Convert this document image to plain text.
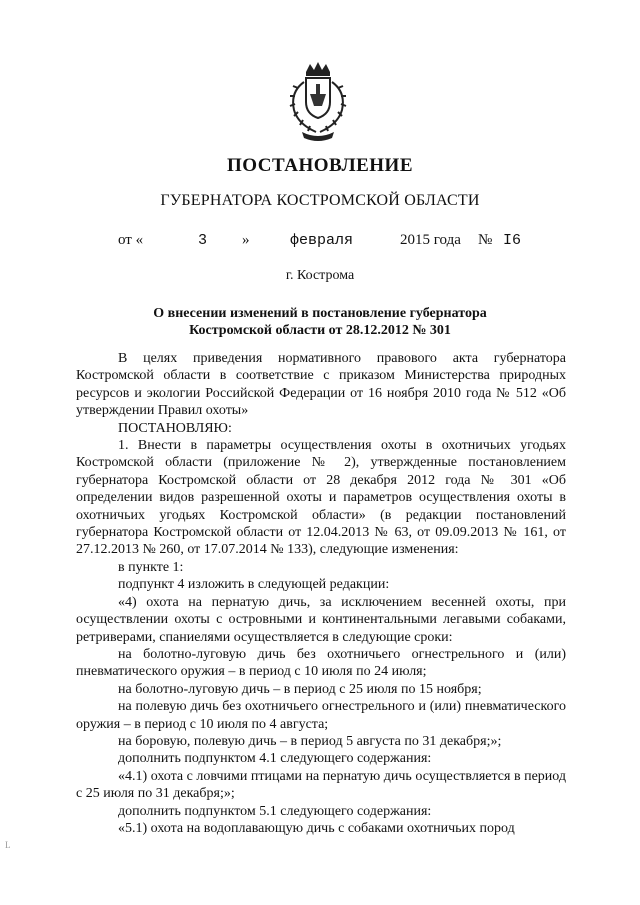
ПОСТАНОВЛЕНИЕ
ГУБЕРНАТОРА КОСТРОМСКОЙ ОБЛАСТИ
от «	3 »	февраля	2015 года № I6
г. Кострома
О внесении изменений в постановление губернатора
Костромской области от 28.12.2012 № 301

В целях приведения нормативного правового акта губернатора Костромской области в соответствие с приказом Министерства природных ресурсов и экологии Российской Федерации от 16 ноября 2010 года № 512 «Об утверждении Правил охоты»

ПОСТАНОВЛЯЮ:

1. Внести в параметры осуществления охоты в охотничьих угодьях Костромской области (приложение № 2), утвержденные постановлением губернатора Костромской области от 28 декабря 2012 года № 301 «Об определении видов разрешенной охоты и параметров осуществления охоты в охотничьих угодьях Костромской области» (в редакции постановлений губернатора Костромской области от 12.04.2013 № 63, от 09.09.2013 № 161, от 27.12.2013 № 260, от 17.07.2014 № 133), следующие изменения:

в пункте 1:

подпункт 4 изложить в следующей редакции:

«4) охота на пернатую дичь, за исключением весенней охоты, при осуществлении охоты с островными и континентальными легавыми собаками, ретриверами, спаниелями осуществляется в следующие сроки:

на болотно-луговую дичь без охотничьего огнестрельного и (или) пневматического оружия – в период с 10 июля по 24 июля;

на болотно-луговую дичь – в период с 25 июля по 15 ноября;

на полевую дичь без охотничьего огнестрельного и (или) пневматического оружия – в период с 10 июля по 4 августа;

на боровую, полевую дичь – в период 5 августа по 31 декабря;»;

дополнить подпунктом 4.1 следующего содержания:

«4.1) охота с ловчими птицами на пернатую дичь осуществляется в период с 25 июля по 31 декабря;»;

дополнить подпунктом 5.1 следующего содержания:

«5.1) охота на водоплавающую дичь с собаками охотничьих пород

L
